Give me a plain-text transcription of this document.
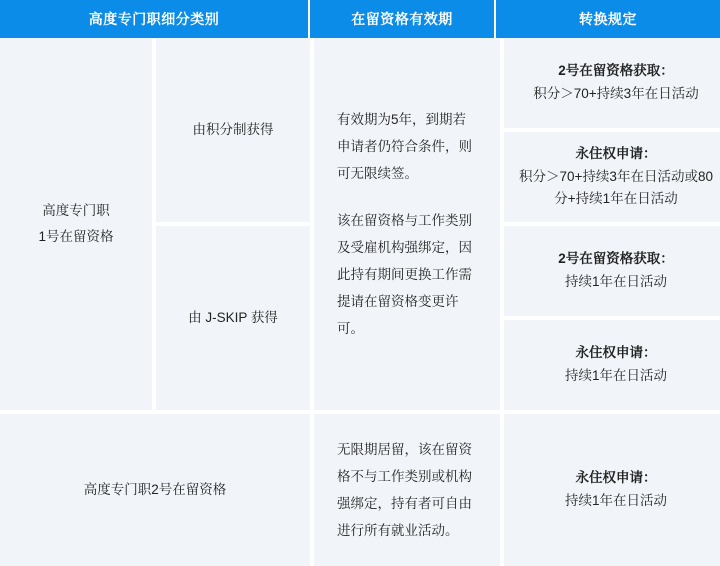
高度专门职细分类别	在留资格有效期	转换规定
高度专门职
1号在留资格
由积分制获得
由 J-SKIP 获得

有效期为5年，到期若申请者仍符合条件，则可无限续签。

该在留资格与工作类别及受雇机构强绑定，因此持有期间更换工作需提请在留资格变更许可。

2号在留资格获取：
积分＞70+持续3年在日活动
永住权申请：
积分＞70+持续3年在日活动或80分+持续1年在日活动
2号在留资格获取：
持续1年在日活动
永住权申请：
持续1年在日活动
高度专门职2号在留资格
无限期居留，该在留资格不与工作类别或机构强绑定，持有者可自由进行所有就业活动。
永住权申请：
持续1年在日活动
